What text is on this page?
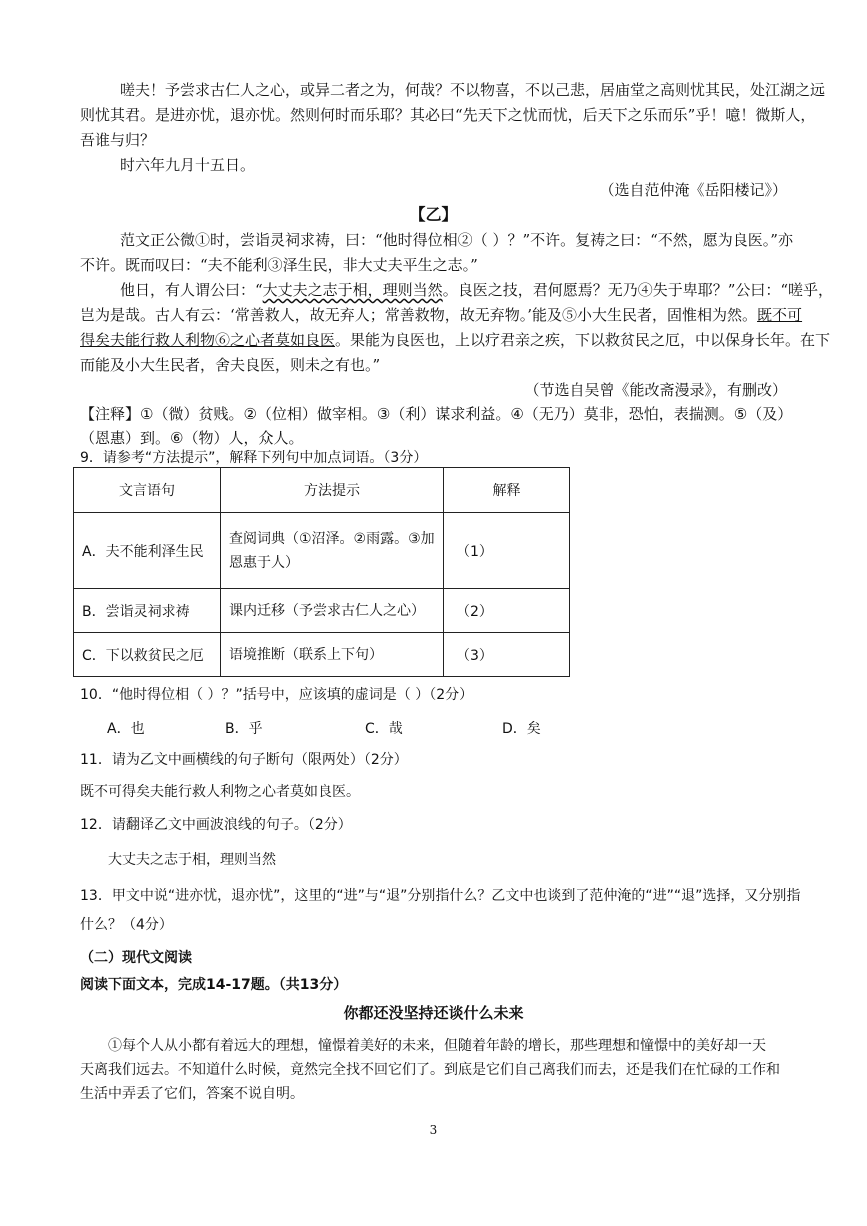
嗟夫！予尝求古仁人之心，或异二者之为，何哉？不以物喜，不以己悲，居庙堂之高则忧其民，处江湖之远
则忧其君。是进亦忧，退亦忧。然则何时而乐耶？其必曰“先天下之忧而忧，后天下之乐而乐”乎！噫！微斯人，
吾谁与归？
时六年九月十五日。
（选自范仲淹《岳阳楼记》）
【乙】
范文正公微①时，尝诣灵祠求祷，曰：“他时得位相②（ ）？”不许。复祷之曰：“不然，愿为良医。”亦
不许。既而叹曰：“夫不能利③泽生民，非大丈夫平生之志。”
他日，有人谓公曰：“大丈夫之志于相，理则当然。良医之技，君何愿焉？无乃④失于卑耶？”公曰：“嗟乎，
岂为是哉。古人有云：‘常善救人，故无弃人；常善救物，故无弃物。’能及⑤小大生民者，固惟相为然。既不可
得矣夫能行救人利物⑥之心者莫如良医。果能为良医也，上以疗君亲之疾，下以救贫民之厄，中以保身长年。在下
而能及小大生民者，舍夫良医，则未之有也。”
（节选自吴曾《能改斋漫录》，有删改）
【注释】①（微）贫贱。②（位相）做宰相。③（利）谋求利益。④（无乃）莫非，恐怕，表揣测。⑤（及）
（恩惠）到。⑥（物）人，众人。
9．请参考“方法提示”，解释下列句中加点词语。（3分）
文言语句	方法提示	解释
A．夫不能利泽生民	查阅词典（①沼泽。②雨露。③加恩惠于人）	（1）
B．尝诣灵祠求祷	课内迁移（予尝求古仁人之心）	（2）
C．下以救贫民之厄	语境推断（联系上下句）	（3）
10．“他时得位相（ ）？”括号中，应该填的虚词是（ ）（2分）
A．也	B．乎	C．哉	D．矣
11．请为乙文中画横线的句子断句（限两处）（2分）
既不可得矣夫能行救人利物之心者莫如良医。
12．请翻译乙文中画波浪线的句子。（2分）
大丈夫之志于相，理则当然
13．甲文中说“进亦忧，退亦忧”，这里的“进”与“退”分别指什么？乙文中也谈到了范仲淹的“进”“退”选择，又分别指
什么？（4分）
（二）现代文阅读
阅读下面文本，完成14-17题。（共13分）
你都还没坚持还谈什么未来
①每个人从小都有着远大的理想，憧憬着美好的未来，但随着年龄的增长，那些理想和憧憬中的美好却一天
天离我们远去。不知道什么时候，竟然完全找不回它们了。到底是它们自己离我们而去，还是我们在忙碌的工作和
生活中弄丢了它们，答案不说自明。
3
